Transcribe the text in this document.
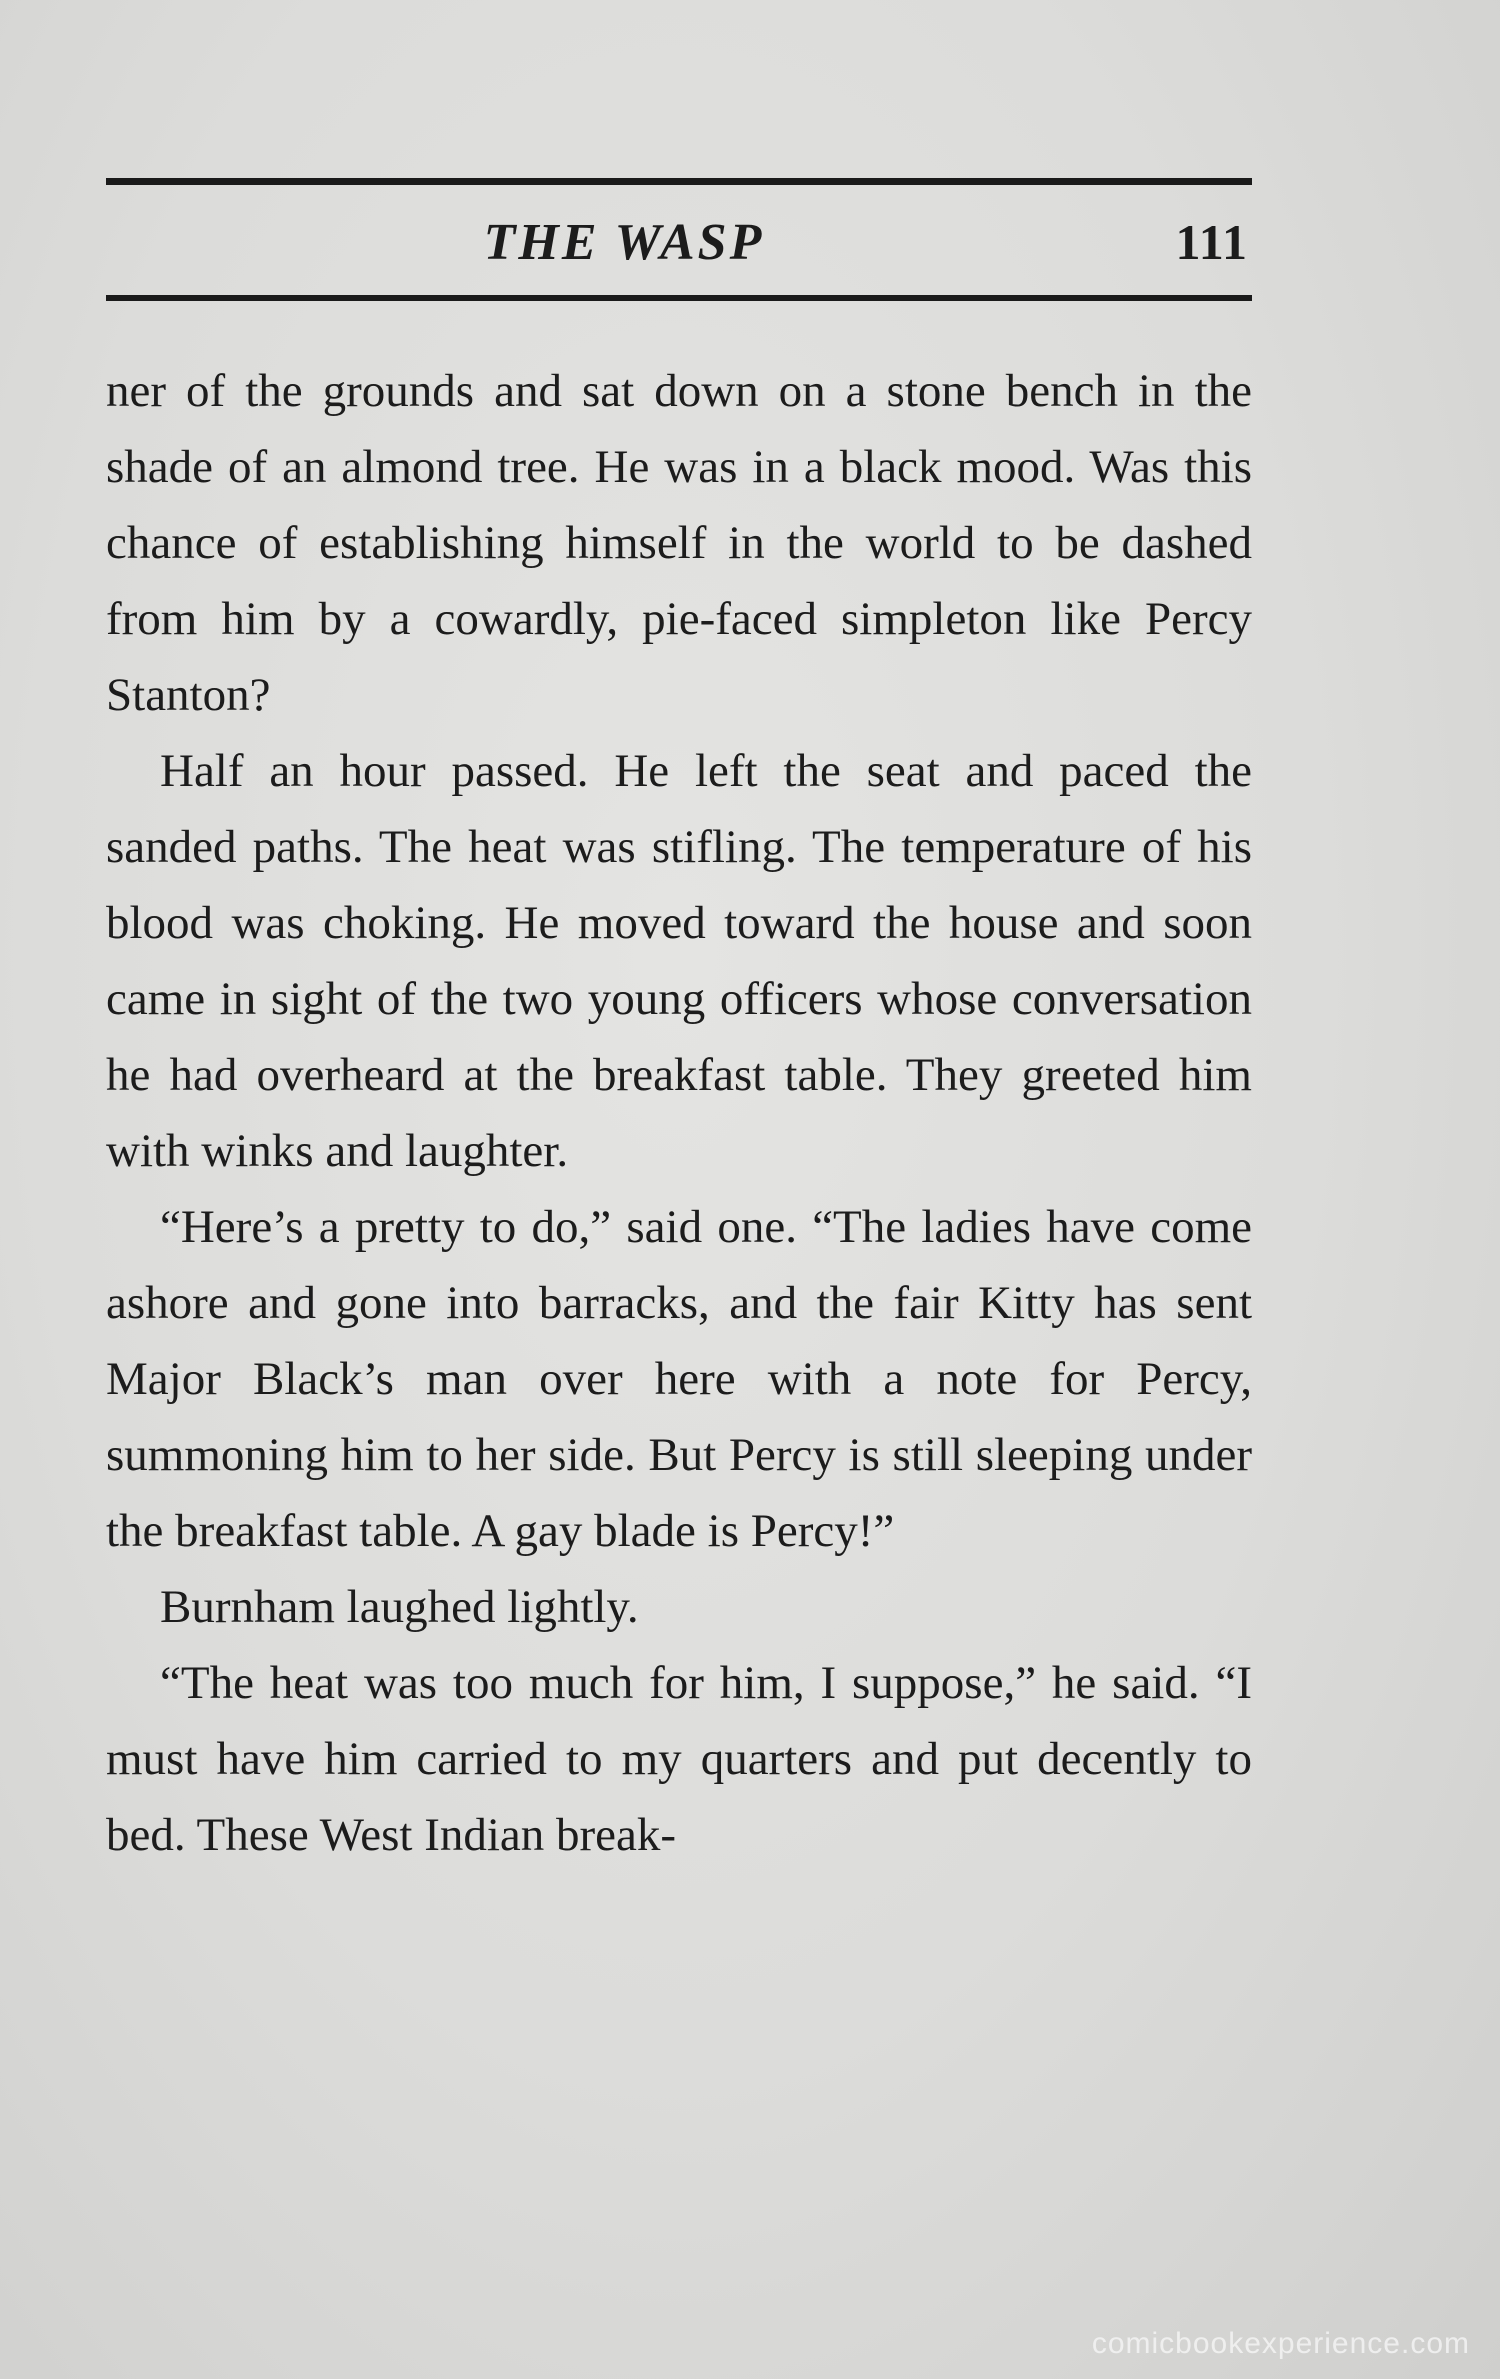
THE WASP	111

ner of the grounds and sat down on a stone bench in the shade of an almond tree. He was in a black mood. Was this chance of establishing himself in the world to be dashed from him by a cowardly, pie-faced simpleton like Percy Stanton?

Half an hour passed. He left the seat and paced the sanded paths. The heat was stifling. The temperature of his blood was choking. He moved toward the house and soon came in sight of the two young officers whose conversation he had overheard at the breakfast table. They greeted him with winks and laughter.

“Here’s a pretty to do,” said one. “The ladies have come ashore and gone into barracks, and the fair Kitty has sent Major Black’s man over here with a note for Percy, summoning him to her side. But Percy is still sleeping under the breakfast table. A gay blade is Percy!”

Burnham laughed lightly.

“The heat was too much for him, I suppose,” he said. “I must have him carried to my quarters and put decently to bed. These West Indian break-

comicbookexperience.com
